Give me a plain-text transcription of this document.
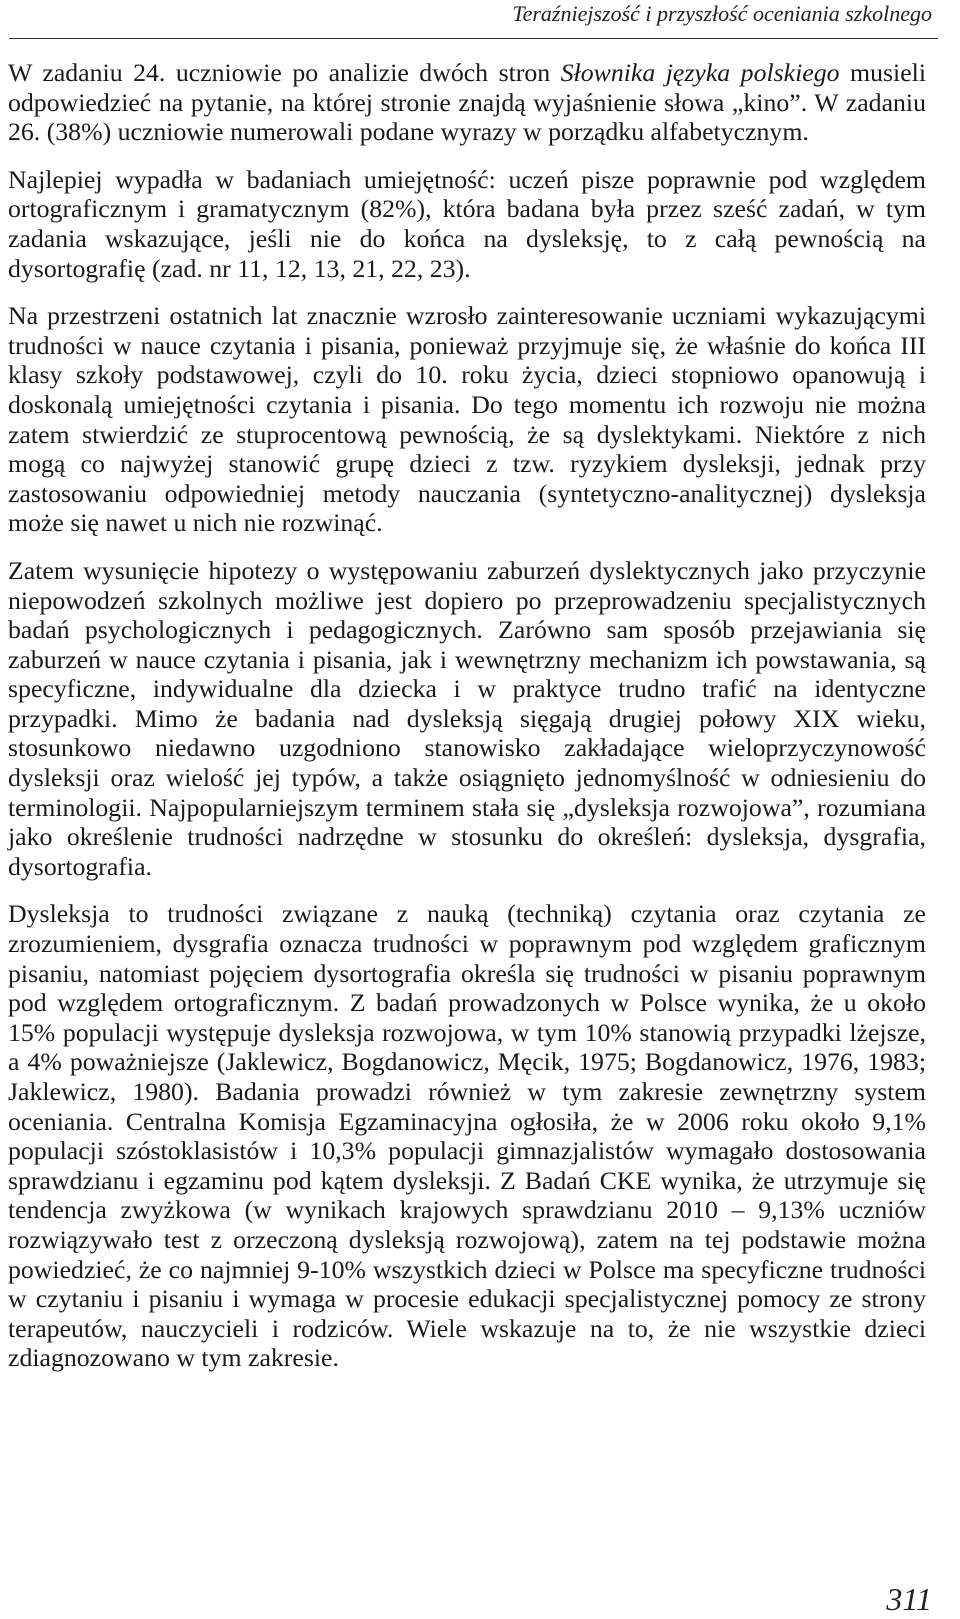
Teraźniejszość i przyszłość oceniania szkolnego

W zadaniu 24. uczniowie po analizie dwóch stron Słownika języka polskiego musieli odpowiedzieć na pytanie, na której stronie znajdą wyjaśnienie słowa „kino”. W zadaniu 26. (38%) uczniowie numerowali podane wyrazy w porządku alfabetycznym.

Najlepiej wypadła w badaniach umiejętność: uczeń pisze poprawnie pod względem ortograficznym i gramatycznym (82%), która badana była przez sześć zadań, w tym zadania wskazujące, jeśli nie do końca na dysleksję, to z całą pewnością na dysortografię (zad. nr 11, 12, 13, 21, 22, 23).

Na przestrzeni ostatnich lat znacznie wzrosło zainteresowanie uczniami wykazującymi trudności w nauce czytania i pisania, ponieważ przyjmuje się, że właśnie do końca III klasy szkoły podstawowej, czyli do 10. roku życia, dzieci stopniowo opanowują i doskonalą umiejętności czytania i pisania. Do tego momentu ich rozwoju nie można zatem stwierdzić ze stuprocentową pewnością, że są dyslektykami. Niektóre z nich mogą co najwyżej stanowić grupę dzieci z tzw. ryzykiem dysleksji, jednak przy zastosowaniu odpowiedniej metody nauczania (syntetyczno-analitycznej) dysleksja może się nawet u nich nie rozwinąć.

Zatem wysunięcie hipotezy o występowaniu zaburzeń dyslektycznych jako przyczynie niepowodzeń szkolnych możliwe jest dopiero po przeprowadzeniu specjalistycznych badań psychologicznych i pedagogicznych. Zarówno sam sposób przejawiania się zaburzeń w nauce czytania i pisania, jak i wewnętrzny mechanizm ich powstawania, są specyficzne, indywidualne dla dziecka i w praktyce trudno trafić na identyczne przypadki. Mimo że badania nad dysleksją sięgają drugiej połowy XIX wieku, stosunkowo niedawno uzgodniono stanowisko zakładające wieloprzyczynowość dysleksji oraz wielość jej typów, a także osiągnięto jednomyślność w odniesieniu do terminologii. Najpopularniejszym terminem stała się „dysleksja rozwojowa”, rozumiana jako określenie trudności nadrzędne w stosunku do określeń: dysleksja, dysgrafia, dysortografia.

Dysleksja to trudności związane z nauką (techniką) czytania oraz czytania ze zrozumieniem, dysgrafia oznacza trudności w poprawnym pod względem graficznym pisaniu, natomiast pojęciem dysortografia określa się trudności w pisaniu poprawnym pod względem ortograficznym. Z badań prowadzonych w Polsce wynika, że u około 15% populacji występuje dysleksja rozwojowa, w tym 10% stanowią przypadki lżejsze, a 4% poważniejsze (Jaklewicz, Bogdanowicz, Męcik, 1975; Bogdanowicz, 1976, 1983; Jaklewicz, 1980). Badania prowadzi również w tym zakresie zewnętrzny system oceniania. Centralna Komisja Egzaminacyjna ogłosiła, że w 2006 roku około 9,1% populacji szóstoklasistów i 10,3% populacji gimnazjalistów wymagało dostosowania sprawdzianu i egzaminu pod kątem dysleksji. Z Badań CKE wynika, że utrzymuje się tendencja zwyżkowa (w wynikach krajowych sprawdzianu 2010 – 9,13% uczniów rozwiązywało test z orzeczoną dysleksją rozwojową), zatem na tej podstawie można powiedzieć, że co najmniej 9-10% wszystkich dzieci w Polsce ma specyficzne trudności w czytaniu i pisaniu i wymaga w procesie edukacji specjalistycznej pomocy ze strony terapeutów, nauczycieli i rodziców. Wiele wskazuje na to, że nie wszystkie dzieci zdiagnozowano w tym zakresie.

311
